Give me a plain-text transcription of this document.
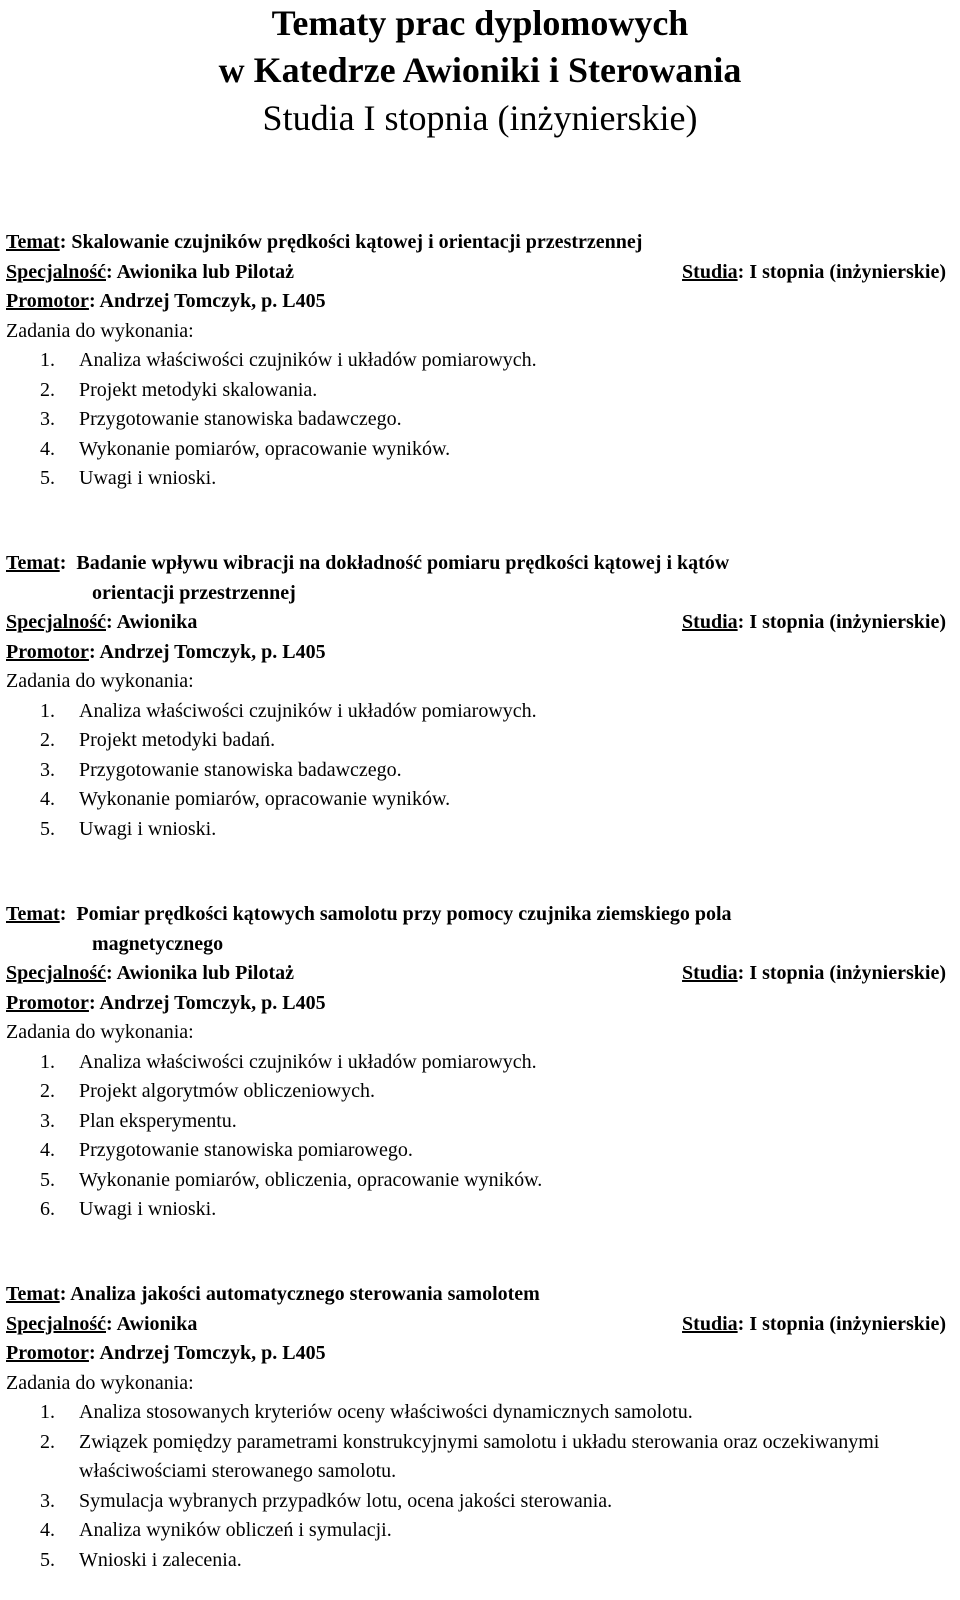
Tematy prac dyplomowych

w Katedrze Awioniki i Sterowania

Studia I stopnia (inżynierskie)

Temat: Skalowanie czujników prędkości kątowej i orientacji przestrzennej
Specjalność: Awionika lub Pilotaż	Studia: I stopnia (inżynierskie)
Promotor: Andrzej Tomczyk, p. L405
Zadania do wykonania:
1. Analiza właściwości czujników i układów pomiarowych.
2. Projekt metodyki skalowania.
3. Przygotowanie stanowiska badawczego.
4. Wykonanie pomiarów, opracowanie wyników.
5. Uwagi i wnioski.
Temat:  Badanie wpływu wibracji na dokładność pomiaru prędkości kątowej i kątów
orientacji przestrzennej
Specjalność: Awionika	Studia: I stopnia (inżynierskie)
Promotor: Andrzej Tomczyk, p. L405
Zadania do wykonania:
1. Analiza właściwości czujników i układów pomiarowych.
2. Projekt metodyki badań.
3. Przygotowanie stanowiska badawczego.
4. Wykonanie pomiarów, opracowanie wyników.
5. Uwagi i wnioski.
Temat:  Pomiar prędkości kątowych samolotu przy pomocy czujnika ziemskiego pola
magnetycznego
Specjalność: Awionika lub Pilotaż	Studia: I stopnia (inżynierskie)
Promotor: Andrzej Tomczyk, p. L405
Zadania do wykonania:
1. Analiza właściwości czujników i układów pomiarowych.
2. Projekt algorytmów obliczeniowych.
3. Plan eksperymentu.
4. Przygotowanie stanowiska pomiarowego.
5. Wykonanie pomiarów, obliczenia, opracowanie wyników.
6. Uwagi i wnioski.
Temat: Analiza jakości automatycznego sterowania samolotem
Specjalność: Awionika	Studia: I stopnia (inżynierskie)
Promotor: Andrzej Tomczyk, p. L405
Zadania do wykonania:
1. Analiza stosowanych kryteriów oceny właściwości dynamicznych samolotu.
2. Związek pomiędzy parametrami konstrukcyjnymi samolotu i układu sterowania oraz oczekiwanymi właściwościami sterowanego samolotu.
3. Symulacja wybranych przypadków lotu, ocena jakości sterowania.
4. Analiza wyników obliczeń i symulacji.
5. Wnioski i zalecenia.
